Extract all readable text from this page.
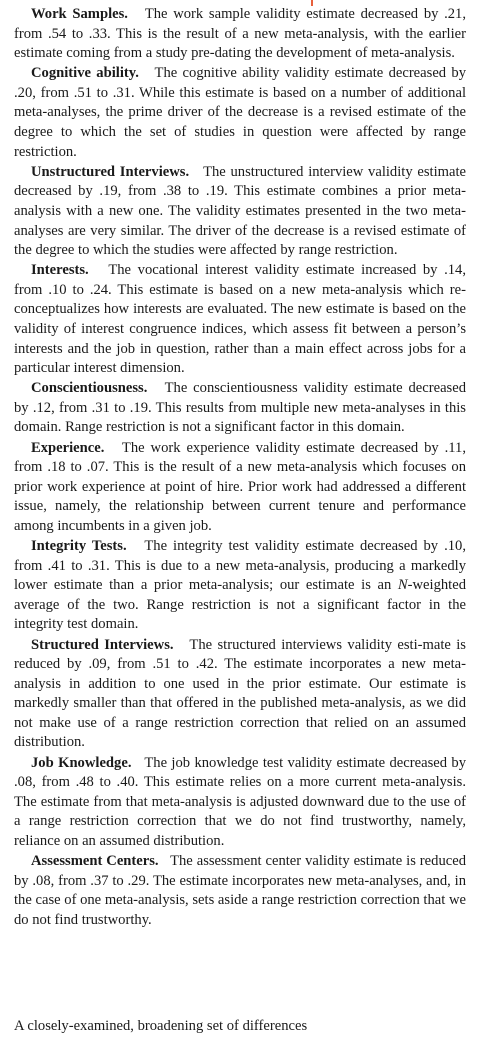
Work Samples. The work sample validity estimate decreased by .21, from .54 to .33. This is the result of a new meta-analysis, with the earlier estimate coming from a study pre-dating the development of meta-analysis.

Cognitive ability. The cognitive ability validity estimate decreased by .20, from .51 to .31. While this estimate is based on a number of additional meta-analyses, the prime driver of the decrease is a revised estimate of the degree to which the set of studies in question were affected by range restriction.

Unstructured Interviews. The unstructured interview validity estimate decreased by .19, from .38 to .19. This estimate combines a prior meta-analysis with a new one. The validity estimates presented in the two meta-analyses are very similar. The driver of the decrease is a revised estimate of the degree to which the studies were affected by range restriction.

Interests. The vocational interest validity estimate increased by .14, from .10 to .24. This estimate is based on a new meta-analysis which re-conceptualizes how interests are evaluated. The new estimate is based on the validity of interest congruence indices, which assess fit between a person’s interests and the job in question, rather than a main effect across jobs for a particular interest dimension.

Conscientiousness. The conscientiousness validity estimate decreased by .12, from .31 to .19. This results from multiple new meta-analyses in this domain. Range restriction is not a significant factor in this domain.

Experience. The work experience validity estimate decreased by .11, from .18 to .07. This is the result of a new meta-analysis which focuses on prior work experience at point of hire. Prior work had addressed a different issue, namely, the relationship between current tenure and performance among incumbents in a given job.

Integrity Tests. The integrity test validity estimate decreased by .10, from .41 to .31. This is due to a new meta-analysis, producing a markedly lower estimate than a prior meta-analysis; our estimate is an N-weighted average of the two. Range restriction is not a significant factor in the integrity test domain.

Structured Interviews. The structured interviews validity esti-mate is reduced by .09, from .51 to .42. The estimate incorporates a new meta-analysis in addition to one used in the prior estimate. Our estimate is markedly smaller than that offered in the published meta-analysis, as we did not make use of a range restriction correction that relied on an assumed distribution.

Job Knowledge. The job knowledge test validity estimate decreased by .08, from .48 to .40. This estimate relies on a more current meta-analysis. The estimate from that meta-analysis is adjusted downward due to the use of a range restriction correction that we do not find trustworthy, namely, reliance on an assumed distribution.

Assessment Centers. The assessment center validity estimate is reduced by .08, from .37 to .29. The estimate incorporates new meta-analyses, and, in the case of one meta-analysis, sets aside a range restriction correction that we do not find trustworthy.

A closely-examined, broadening set of differences
